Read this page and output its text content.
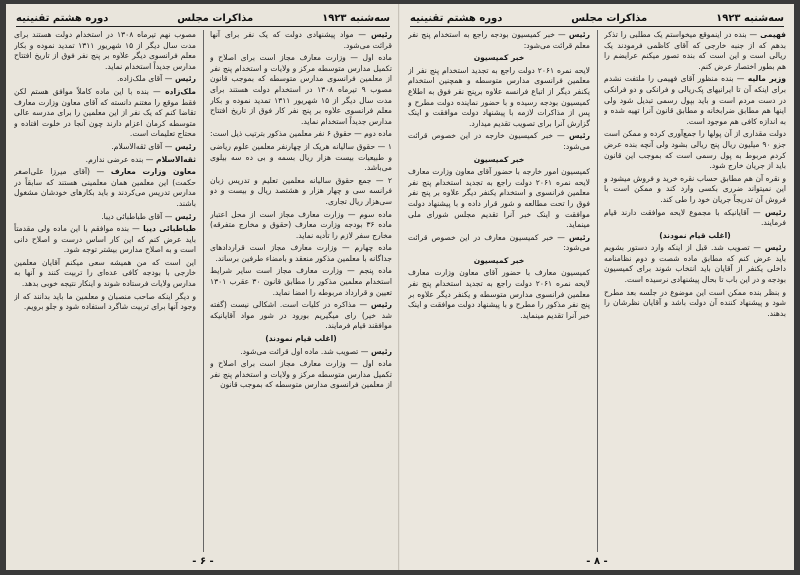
سه‌شنبه ۱۹۲۳
مذاکرات مجلس
دوره هشتم تقنینیه

رئیس — مواد پیشنهادی دولت که یک نفر برای آنها قرائت می‌شود.

ماده اول — وزارت معارف مجاز است برای اصلاح و تکمیل مدارس متوسطه مرکز و ولایات و استخدام پنج نفر از معلمین فرانسوی مدارس متوسطه که بموجب قانون مصوب ۹ تیرماه ۱۳۰۸ در استخدام دولت هستند برای مدت سال دیگر از ۱۵ شهریور ۱۳۱۱ تمدید نموده و بکار معلم فرانسوی علاوه بر پنج نفر کار فوق از تاریخ افتتاح مدارس جدیداً استخدام نماید.

ماده دوم — حقوق ۶ نفر معلمین مذکور بترتیب ذیل است:

۱ — حقوق سالیانه هریک از چهارنفر معلمین علوم ریاضی و طبیعیات بیست هزار ریال بسمه و بی ده سه بیلوی می‌باشد.

۲ — جمع حقوق سالیانه معلمین تعلیم و تدریس زبان فرانسه سی و چهار هزار و هشتصد ریال و بیست و دو سی‌هزار ریال تجاری.

ماده سوم — وزارت معارف مجاز است از محل اعتبار ماده ۳۶ بودجه وزارت معارف (حقوق و مخارج متفرقه) مخارج سفر لازم را تأدیه نماید.

ماده چهارم — وزارت معارف مجاز است قراردادهای جداگانه با معلمین مذکور منعقد و بامضاء طرفین برساند.

ماده پنجم — وزارت معارف مجاز است سایر شرایط استخدام معلمین مذکور را مطابق قانون ۳۰ عقرب ۱۳۰۱ تعیین و قرارداد مربوطه را امضا نماید.

رئیس — مذاکره در کلیات است. اشکالی نیست (گفته شد خیر) رای میگیریم بورود در شور مواد آقایانیکه موافقند قیام فرمایند.

(اغلب قیام نمودند)

رئیس — تصویب شد. ماده اول قرائت می‌شود.

ماده اول — وزارت معارف مجاز است برای اصلاح و تکمیل مدارس متوسطه مرکز و ولایات و استخدام پنج نفر از معلمین فرانسوی مدارس متوسطه که بموجب قانون

مصوب نهم تیرماه ۱۳۰۸ در استخدام دولت هستند برای مدت سال دیگر از ۱۵ شهریور ۱۳۱۱ تمدید نموده و بکار معلم فرانسوی دیگر علاوه بر پنج نفر فوق از تاریخ افتتاح مدارس جدیداً استخدام نماید.

رئیس — آقای ملک‌زاده.

ملک‌زاده — بنده با این ماده کاملاً موافق هستم لکن فقط موقع را مغتنم دانسته که آقای معاون وزارت معارف تقاضا کنم که یک نفر از این معلمین را برای مدرسه عالی متوسطه کرمان اعزام دارند چون آنجا در خلوت افتاده و محتاج تعلیمات است.

رئیس — آقای ثقه‌الاسلام.

ثقه‌الاسلام — بنده عرضی ندارم.

معاون وزارت معارف — (آقای میرزا علی‌اصغر حکمت) این معلمین همان معلمینی هستند که سابقاً در مدارس تدریس می‌کردند و باید بکارهای خودشان مشغول باشند.

رئیس — آقای طباطبائی دیبا.

طباطبائی دیبا — بنده موافقم با این ماده ولی مقدمتاً باید عرض کنم که این کار اساس درست و اصلاح دانی است و به اصلاح مدارس بیشتر توجه شود.

این است که من همیشه سعی میکنم آقایان معلمین خارجی با بودجه کافی عده‌ای را تربیت کنند و آنها به مدارس ولایات فرستاده شوند و اینکار نتیجه خوبی بدهد.

و دیگر اینکه صاحب منصبان و معلمین ما باید بدانند که از وجود آنها برای تربیت شاگرد استفاده شود و جلو برویم.

- ۶ -
سه‌شنبه ۱۹۲۳
مذاکرات مجلس
دوره هشتم تقنینیه

فهیمی — بنده در اینموقع میخواستم یک مطلبی را تذکر بدهم که از جنبه خارجی که آقای کاظمی فرمودند یک ریالی است و این است که بنده تصور میکنم عرایضم را هم بطور اختصار عرض کنم.

وزیر مالیه — بنده منظور آقای فهیمی را ملتفت نشدم برای اینکه آن تا ایرانیهای پک‌ریالی و فرانکی و دو فرانکی در دست مردم است و باید بپول رسمی تبدیل شود ولی اینها هم مطابق ضرابخانه و مطابق قانون آنرا تهیه شده و به اندازه کافی هم موجود است.

دولت مقداری از آن پولها را جمع‌آوری کرده و ممکن است جزو ۹۰ میلیون ریال پنج ریالی بشود ولی آنچه بنده عرض کردم مربوط به پول رسمی است که بموجب این قانون باید از جریان خارج شود.

و نقره آن هم مطابق حساب نقره خرید و فروش میشود و این نمیتواند ضرری بکسی وارد کند و ممکن است با فروش آن تدریجاً جریان خود را طی کند.

رئیس — آقایانیکه با مجموع لایحه موافقت دارند قیام فرمایند.

(اغلب قیام نمودند)

رئیس — تصویب شد. قبل از اینکه وارد دستور بشویم باید عرض کنم که مطابق ماده شصت و دوم نظامنامه داخلی یکنفر از آقایان باید انتخاب شوند برای کمیسیون بودجه و در این باب تا بحال پیشنهادی نرسیده است.

و بنظر بنده ممکن است این موضوع در جلسه بعد مطرح شود و پیشنهاد کننده آن دولت باشد و آقایان نظرشان را بدهند.

رئیس — خبر کمیسیون بودجه راجع به استخدام پنج نفر معلم قرائت می‌شود:

خبر کمیسیون

لایحه نمره ۲۰۶۱ دولت راجع به تجدید استخدام پنج نفر از معلمین فرانسوی مدارس متوسطه و همچنین استخدام یکنفر دیگر از اتباع فرانسه علاوه برپنج نفر فوق به اطلاع کمیسیون بودجه رسیده و با حضور نماینده دولت مطرح و پس از مذاکرات لازمه با پیشنهاد دولت موافقت و اینک گزارش آنرا برای تصویب تقدیم میدارد.

رئیس — خبر کمیسیون خارجه در این خصوص قرائت می‌شود:

خبر کمیسیون

کمیسیون امور خارجه با حضور آقای معاون وزارت معارف لایحه نمره ۲۰۶۱ دولت راجع به تجدید استخدام پنج نفر معلمین فرانسوی و استخدام یکنفر دیگر علاوه بر پنج نفر فوق را تحت مطالعه و شور قرار داده و با پیشنهاد دولت موافقت و اینک خبر آنرا تقدیم مجلس شورای ملی مینماید.

رئیس — خبر کمیسیون معارف در این خصوص قرائت می‌شود:

خبر کمیسیون

کمیسیون معارف با حضور آقای معاون وزارت معارف لایحه نمره ۲۰۶۱ دولت راجع به تجدید استخدام پنج نفر معلمین فرانسوی مدارس متوسطه و یکنفر دیگر علاوه بر پنج نفر مذکور را مطرح و با پیشنهاد دولت موافقت و اینک خبر آنرا تقدیم مینماید.

- ۸ -
